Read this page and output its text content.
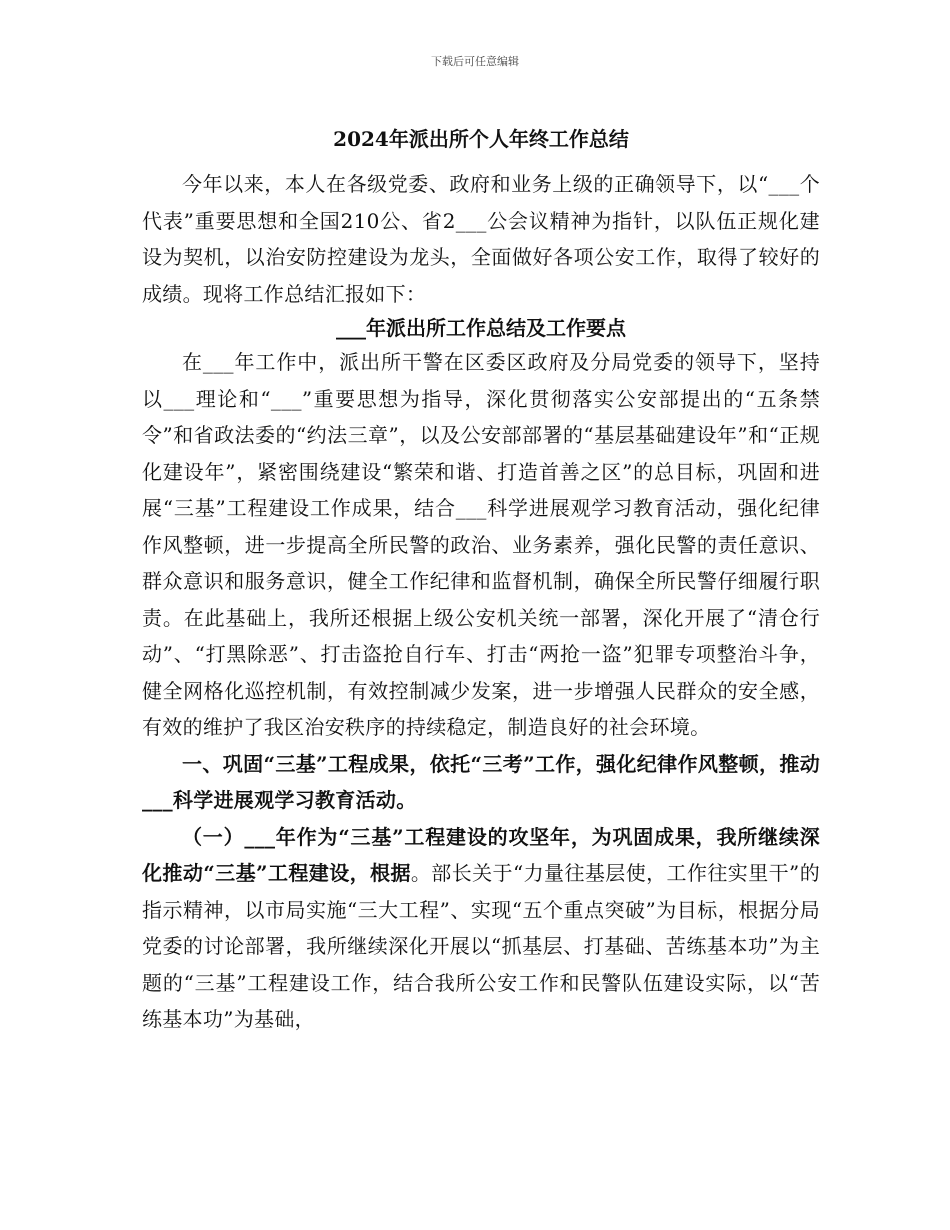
下载后可任意编辑
2024年派出所个人年终工作总结

今年以来，本人在各级党委、政府和业务上级的正确领导下，以“___个代表”重要思想和全国210公、省2___公会议精神为指针，以队伍正规化建设为契机，以治安防控建设为龙头，全面做好各项公安工作，取得了较好的成绩。现将工作总结汇报如下：

___年派出所工作总结及工作要点

在___年工作中，派出所干警在区委区政府及分局党委的领导下，坚持以___理论和“___”重要思想为指导，深化贯彻落实公安部提出的“五条禁令”和省政法委的“约法三章”，以及公安部部署的“基层基础建设年”和“正规化建设年”，紧密围绕建设“繁荣和谐、打造首善之区”的总目标，巩固和进展“三基”工程建设工作成果，结合___科学进展观学习教育活动，强化纪律作风整顿，进一步提高全所民警的政治、业务素养，强化民警的责任意识、群众意识和服务意识，健全工作纪律和监督机制，确保全所民警仔细履行职责。在此基础上，我所还根据上级公安机关统一部署，深化开展了“清仓行动”、“打黑除恶”、打击盗抢自行车、打击“两抢一盗”犯罪专项整治斗争，健全网格化巡控机制，有效控制减少发案，进一步增强人民群众的安全感，有效的维护了我区治安秩序的持续稳定，制造良好的社会环境。

一、巩固“三基”工程成果，依托“三考”工作，强化纪律作风整顿，推动___科学进展观学习教育活动。

（一）___年作为“三基”工程建设的攻坚年，为巩固成果，我所继续深化推动“三基”工程建设，根据。部长关于“力量往基层使，工作往实里干”的指示精神，以市局实施“三大工程”、实现“五个重点突破”为目标，根据分局党委的讨论部署，我所继续深化开展以“抓基层、打基础、苦练基本功”为主题的“三基”工程建设工作，结合我所公安工作和民警队伍建设实际，以“苦练基本功”为基础，
